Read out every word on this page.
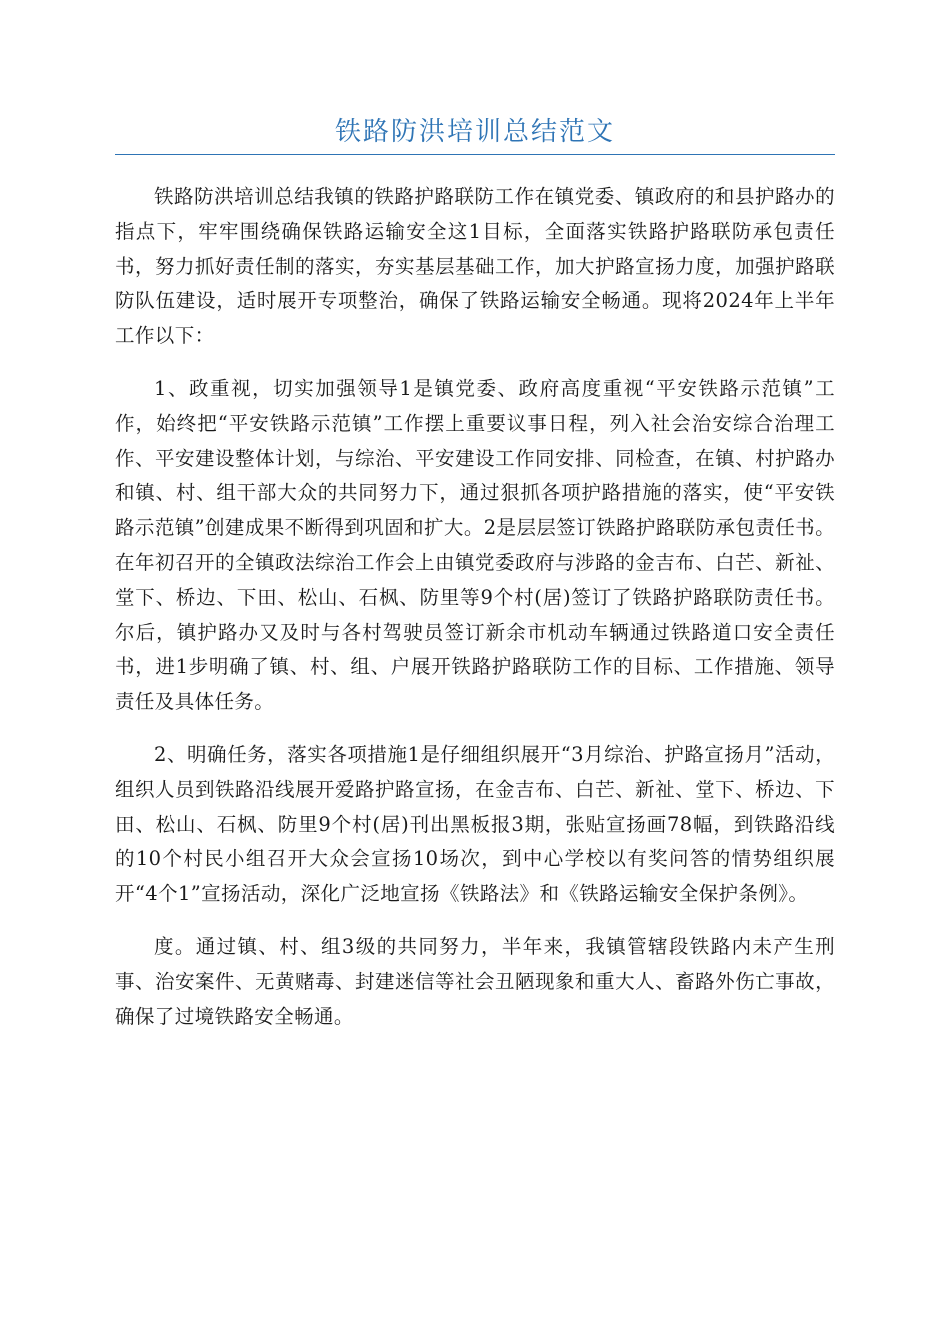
铁路防洪培训总结范文

铁路防洪培训总结我镇的铁路护路联防工作在镇党委、镇政府的和县护路办的指点下，牢牢围绕确保铁路运输安全这1目标，全面落实铁路护路联防承包责任书，努力抓好责任制的落实，夯实基层基础工作，加大护路宣扬力度，加强护路联防队伍建设，适时展开专项整治，确保了铁路运输安全畅通。现将2024年上半年工作以下：

1、政重视，切实加强领导1是镇党委、政府高度重视“平安铁路示范镇”工作，始终把“平安铁路示范镇”工作摆上重要议事日程，列入社会治安综合治理工作、平安建设整体计划，与综治、平安建设工作同安排、同检查，在镇、村护路办和镇、村、组干部大众的共同努力下，通过狠抓各项护路措施的落实，使“平安铁路示范镇”创建成果不断得到巩固和扩大。2是层层签订铁路护路联防承包责任书。在年初召开的全镇政法综治工作会上由镇党委政府与涉路的金吉布、白芒、新祉、堂下、桥边、下田、松山、石枫、防里等9个村(居)签订了铁路护路联防责任书。尔后，镇护路办又及时与各村驾驶员签订新余市机动车辆通过铁路道口安全责任书，进1步明确了镇、村、组、户展开铁路护路联防工作的目标、工作措施、领导责任及具体任务。

2、明确任务，落实各项措施1是仔细组织展开“3月综治、护路宣扬月”活动，组织人员到铁路沿线展开爱路护路宣扬，在金吉布、白芒、新祉、堂下、桥边、下田、松山、石枫、防里9个村(居)刊出黑板报3期，张贴宣扬画78幅，到铁路沿线的10个村民小组召开大众会宣扬10场次，到中心学校以有奖问答的情势组织展开“4个1”宣扬活动，深化广泛地宣扬《铁路法》和《铁路运输安全保护条例》。

度。通过镇、村、组3级的共同努力，半年来，我镇管辖段铁路内未产生刑事、治安案件、无黄赌毒、封建迷信等社会丑陋现象和重大人、畜路外伤亡事故，确保了过境铁路安全畅通。
